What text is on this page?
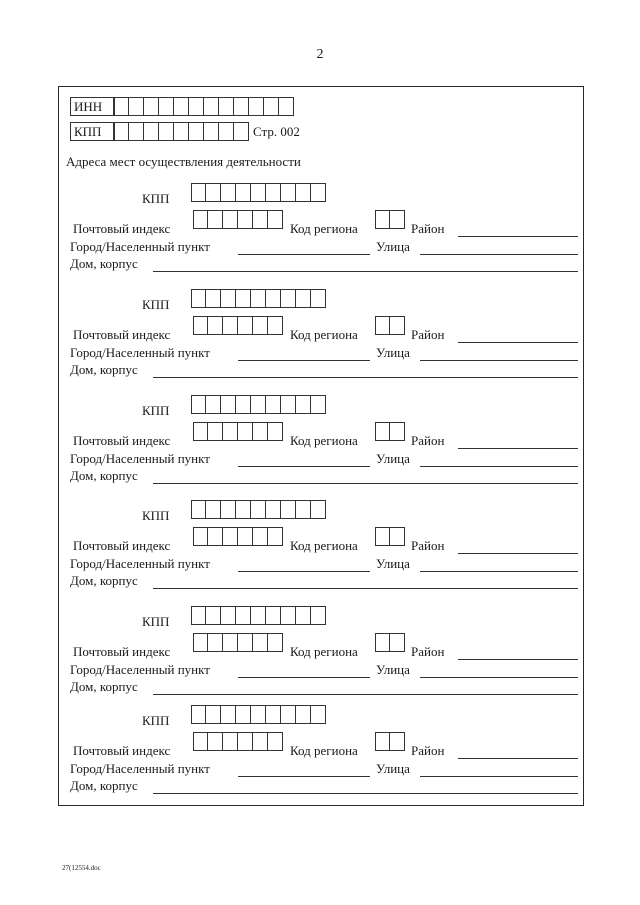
2
ИНН
КПП	Стр. 002
Адреса мест осуществления деятельности
КПП
Почтовый индекс	Код региона	Район
Город/Населенный пункт	Улица
Дом, корпус
КПП
Почтовый индекс	Код региона	Район
Город/Населенный пункт	Улица
Дом, корпус
КПП
Почтовый индекс	Код региона	Район
Город/Населенный пункт	Улица
Дом, корпус
КПП
Почтовый индекс	Код региона	Район
Город/Населенный пункт	Улица
Дом, корпус
КПП
Почтовый индекс	Код региона	Район
Город/Населенный пункт	Улица
Дом, корпус
КПП
Почтовый индекс	Код региона	Район
Город/Населенный пункт	Улица
Дом, корпус
27(12554.doc
